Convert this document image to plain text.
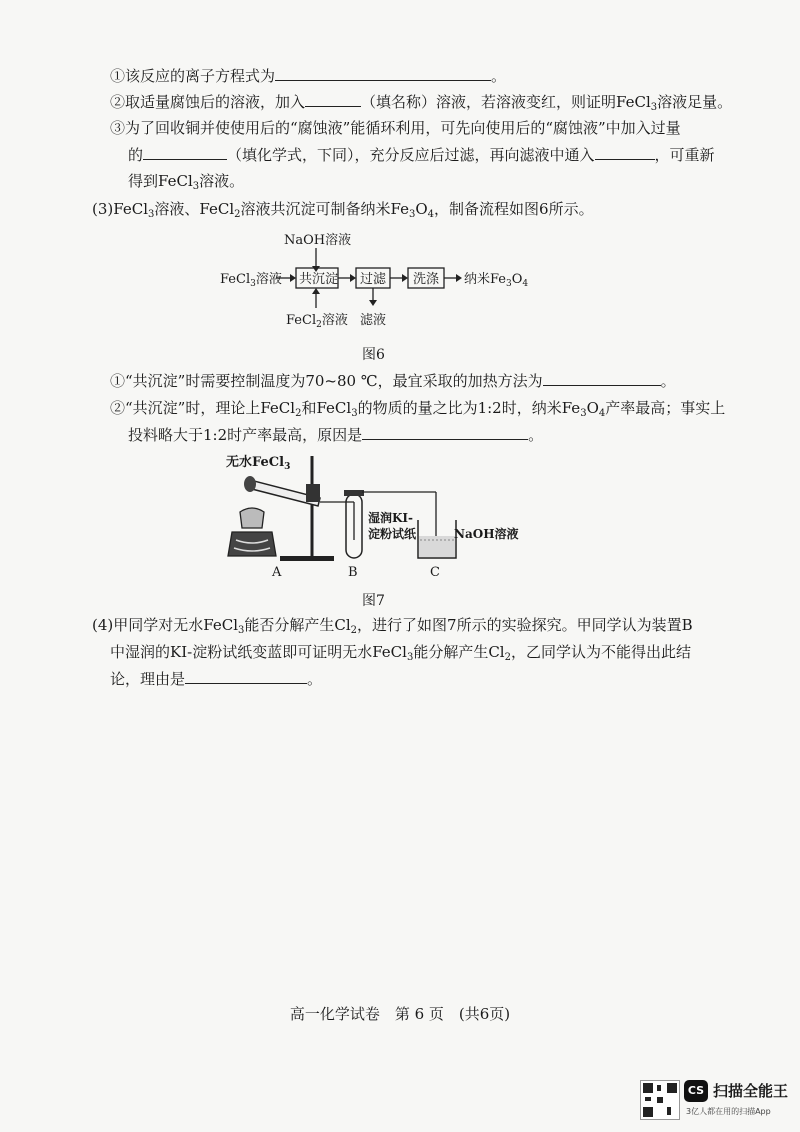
①该反应的离子方程式为	。
②取适量腐蚀后的溶液，加入	（填名称）溶液，若溶液变红，则证明FeCl$_3$溶液足量。
③为了回收铜并使使用后的“腐蚀液”能循环利用，可先向使用后的“腐蚀液”中加入过量
的	（填化学式，下同），充分反应后过滤，再向滤液中通入	，可重新
得到FeCl$_3$溶液。
(3)FeCl$_3$溶液、FeCl$_2$溶液共沉淀可制备纳米$Fe_3O_4$，制备流程如图6所示。
NaOH溶液
FeCl$_3$溶液 共沉淀 过滤 洗涤 纳米$Fe_3O_4$
FeCl$_2$溶液 滤液
图6
①“共沉淀”时需要控制温度为70~80 ℃，最宜采取的加热方法为	。
②“共沉淀”时，理论上FeCl$_2$和FeCl$_3$的物质的量之比为1:2时，纳米$Fe_3O_4$产率最高；事实上
投料略大于1:2时产率最高，原因是	。
无水FeCl$_3$
湿润KI-
淀粉试纸	NaOH溶液
A	B	C
图7
(4)甲同学对无水FeCl$_3$能否分解产生$Cl_2$，进行了如图7所示的实验探究。甲同学认为装置B
中湿润的KI-淀粉试纸变蓝即可证明无水FeCl$_3$能分解产生$Cl_2$，乙同学认为不能得出此结
论，理由是	。
高一化学试卷　第 6 页　(共6页)
CS 扫描全能王
3亿人都在用的扫描App
